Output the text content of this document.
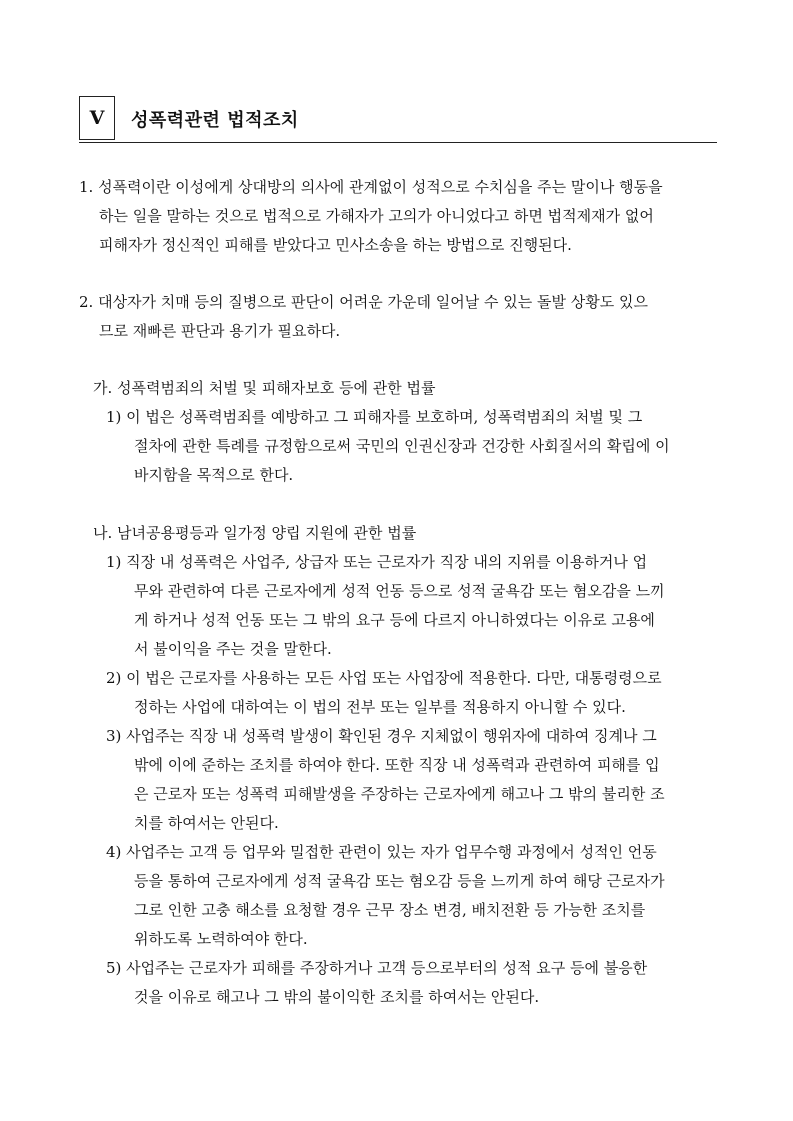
V	성폭력관련 법적조치
1. 성폭력이란 이성에게 상대방의 의사에 관계없이 성적으로 수치심을 주는 말이나 행동을
하는 일을 말하는 것으로 법적으로 가해자가 고의가 아니었다고 하면 법적제재가 없어
피해자가 정신적인 피해를 받았다고 민사소송을 하는 방법으로 진행된다.
2. 대상자가 치매 등의 질병으로 판단이 어려운 가운데 일어날 수 있는 돌발 상황도 있으
므로 재빠른 판단과 용기가 필요하다.
가. 성폭력범죄의 처벌 및 피해자보호 등에 관한 법률
1) 이 법은 성폭력범죄를 예방하고 그 피해자를 보호하며, 성폭력범죄의 처벌 및 그
절차에 관한 특례를 규정함으로써 국민의 인권신장과 건강한 사회질서의 확립에 이
바지함을 목적으로 한다.
나. 남녀공용평등과 일가정 양립 지원에 관한 법률
1) 직장 내 성폭력은 사업주, 상급자 또는 근로자가 직장 내의 지위를 이용하거나 업
무와 관련하여 다른 근로자에게 성적 언동 등으로 성적 굴욕감 또는 혐오감을 느끼
게 하거나 성적 언동 또는 그 밖의 요구 등에 다르지 아니하였다는 이유로 고용에
서 불이익을 주는 것을 말한다.
2) 이 법은 근로자를 사용하는 모든 사업 또는 사업장에 적용한다. 다만, 대통령령으로
정하는 사업에 대하여는 이 법의 전부 또는 일부를 적용하지 아니할 수 있다.
3) 사업주는 직장 내 성폭력 발생이 확인된 경우 지체없이 행위자에 대하여 징계나 그
밖에 이에 준하는 조치를 하여야 한다. 또한 직장 내 성폭력과 관련하여 피해를 입
은 근로자 또는 성폭력 피해발생을 주장하는 근로자에게 해고나 그 밖의 불리한 조
치를 하여서는 안된다.
4) 사업주는 고객 등 업무와 밀접한 관련이 있는 자가 업무수행 과정에서 성적인 언동
등을 통하여 근로자에게 성적 굴욕감 또는 혐오감 등을 느끼게 하여 해당 근로자가
그로 인한 고충 해소를 요청할 경우 근무 장소 변경, 배치전환 등 가능한 조치를
위하도록 노력하여야 한다.
5) 사업주는 근로자가 피해를 주장하거나 고객 등으로부터의 성적 요구 등에 불응한
것을 이유로 해고나 그 밖의 불이익한 조치를 하여서는 안된다.
